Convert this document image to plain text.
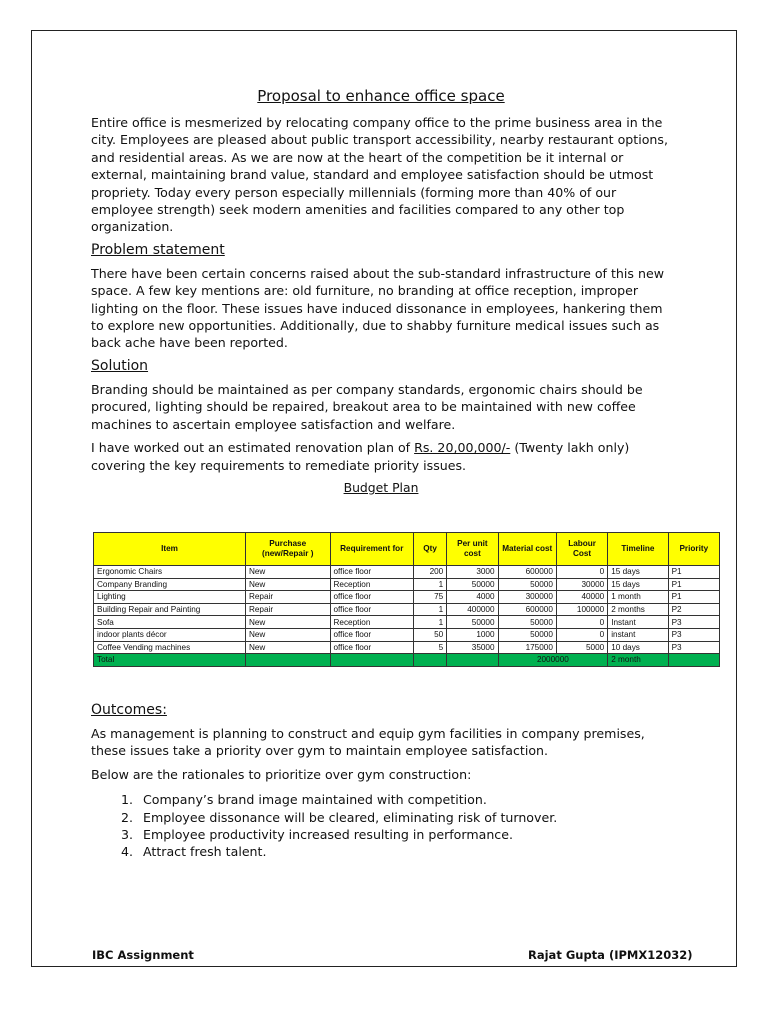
Proposal to enhance office space

Entire office is mesmerized by relocating company office to the prime business area in the city. Employees are pleased about public transport accessibility, nearby restaurant options, and residential areas. As we are now at the heart of the competition be it internal or external, maintaining brand value, standard and employee satisfaction should be utmost propriety. Today every person especially millennials (forming more than 40% of our employee strength) seek modern amenities and facilities compared to any other top organization.

Problem statement

There have been certain concerns raised about the sub-standard infrastructure of this new space. A few key mentions are: old furniture, no branding at office reception, improper lighting on the floor. These issues have induced dissonance in employees, hankering them to explore new opportunities. Additionally, due to shabby furniture medical issues such as back ache have been reported.

Solution

Branding should be maintained as per company standards, ergonomic chairs should be procured, lighting should be repaired, breakout area to be maintained with new coffee machines to ascertain employee satisfaction and welfare.

I have worked out an estimated renovation plan of Rs. 20,00,000/- (Twenty lakh only) covering the key requirements to remediate priority issues.

Budget Plan
Item	Purchase (new/Repair )	Requirement for	Qty	Per unit cost	Material cost	Labour Cost	Timeline	Priority
Ergonomic Chairs	New	office floor	200	3000	600000	0	15 days	P1
Company Branding	New	Reception	1	50000	50000	30000	15 days	P1
Lighting	Repair	office floor	75	4000	300000	40000	1 month	P1
Building Repair and Painting	Repair	office floor	1	400000	600000	100000	2 months	P2
Sofa	New	Reception	1	50000	50000	0	Instant	P3
indoor plants décor	New	office floor	50	1000	50000	0	instant	P3
Coffee Vending machines	New	office floor	5	35000	175000	5000	10 days	P3
Total					2000000		2 month	
Outcomes:

As management is planning to construct and equip gym facilities in company premises, these issues take a priority over gym to maintain employee satisfaction.

Below are the rationales to prioritize over gym construction:

1. Company’s brand image maintained with competition.
2. Employee dissonance will be cleared, eliminating risk of turnover.
3. Employee productivity increased resulting in performance.
4. Attract fresh talent.
IBC Assignment	Rajat Gupta (IPMX12032)
